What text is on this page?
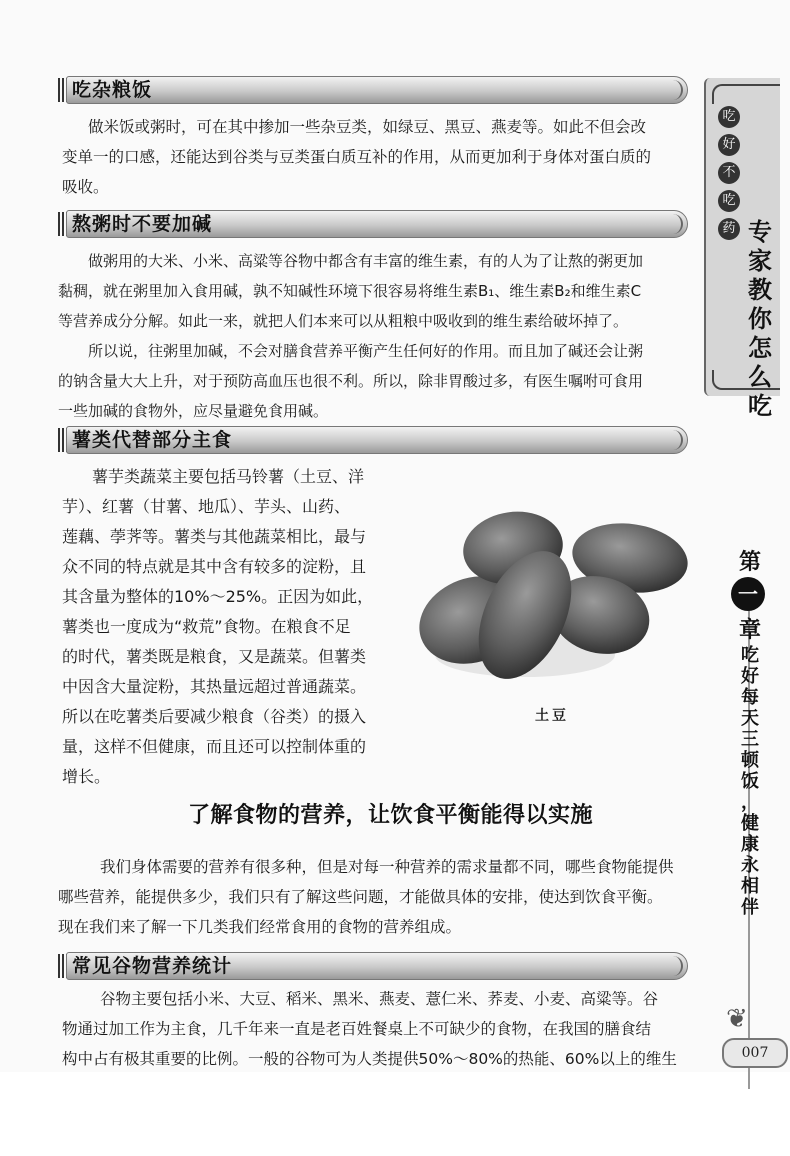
吃杂粮饭
做米饭或粥时，可在其中掺加一些杂豆类，如绿豆、黑豆、燕麦等。如此不但会改
变单一的口感，还能达到谷类与豆类蛋白质互补的作用，从而更加利于身体对蛋白质的
吸收。
熬粥时不要加碱
做粥用的大米、小米、高粱等谷物中都含有丰富的维生素，有的人为了让熬的粥更加
黏稠，就在粥里加入食用碱，孰不知碱性环境下很容易将维生素B₁、维生素B₂和维生素C
等营养成分分解。如此一来，就把人们本来可以从粗粮中吸收到的维生素给破坏掉了。
所以说，往粥里加碱，不会对膳食营养平衡产生任何好的作用。而且加了碱还会让粥
的钠含量大大上升，对于预防高血压也很不利。所以，除非胃酸过多，有医生嘱咐可食用
一些加碱的食物外，应尽量避免食用碱。
薯类代替部分主食
薯芋类蔬菜主要包括马铃薯（土豆、洋
芋）、红薯（甘薯、地瓜）、芋头、山药、
莲藕、荸荠等。薯类与其他蔬菜相比，最与
众不同的特点就是其中含有较多的淀粉，且
其含量为整体的10%～25%。正因为如此，
薯类也一度成为“救荒”食物。在粮食不足
的时代，薯类既是粮食，又是蔬菜。但薯类
中因含大量淀粉，其热量远超过普通蔬菜。
所以在吃薯类后要减少粮食（谷类）的摄入
量，这样不但健康，而且还可以控制体重的
增长。
土豆
了解食物的营养，让饮食平衡能得以实施
我们身体需要的营养有很多种，但是对每一种营养的需求量都不同，哪些食物能提供
哪些营养，能提供多少，我们只有了解这些问题，才能做具体的安排，使达到饮食平衡。
现在我们来了解一下几类我们经常食用的食物的营养组成。
常见谷物营养统计
谷物主要包括小米、大豆、稻米、黑米、燕麦、薏仁米、荞麦、小麦、高粱等。谷
物通过加工作为主食，几千年来一直是老百姓餐桌上不可缺少的食物，在我国的膳食结
构中占有极其重要的比例。一般的谷物可为人类提供50%～80%的热能、60%以上的维生
吃
好
不
吃
药 专
家
教
你
怎
么
吃
第
一
章
吃
好
每
天
三
顿
饭
，
健
康
永
相
伴
❦
007
